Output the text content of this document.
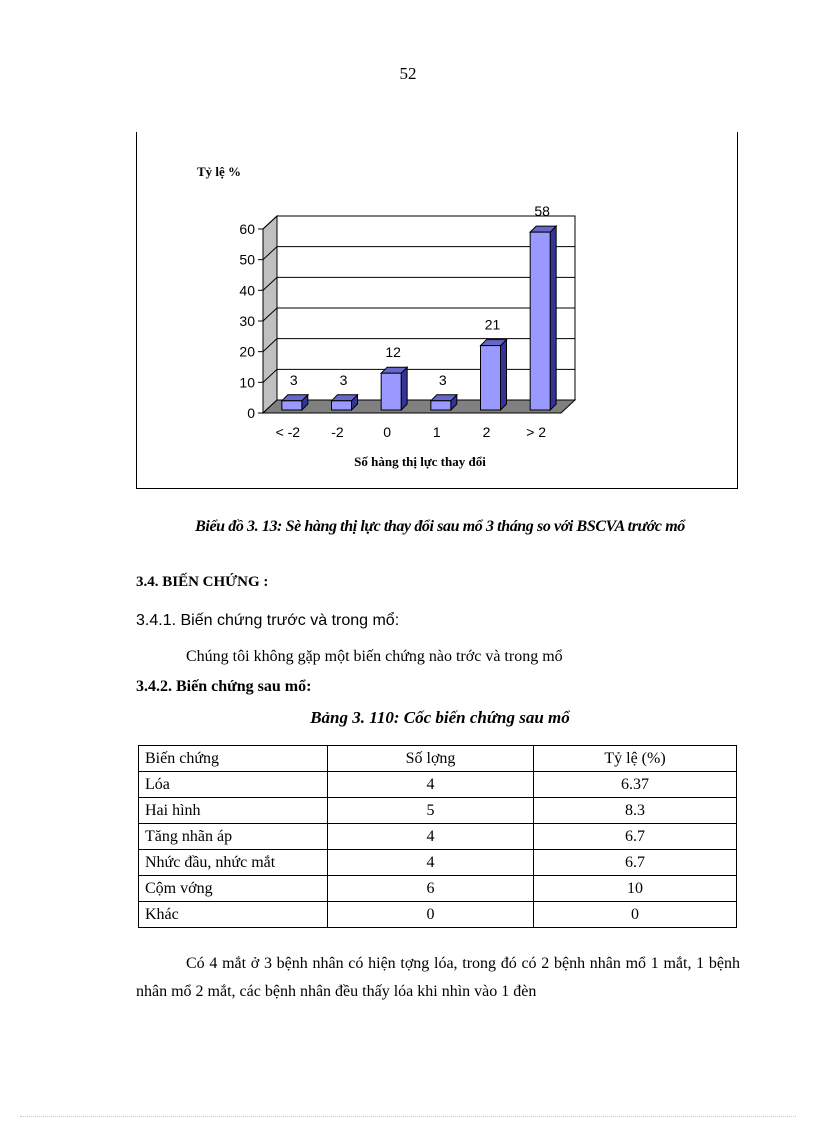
52
0
10
20
30
40
50
60
3
< -2
3
-2
12
0
3
1
21
2
58
> 2
Tỷ lệ %
Số hàng thị lực thay đổi
Biểu đồ 3. 13: Sè hàng thị lực thay đổi sau mổ 3 tháng so với BSCVA trước mổ
3.4. BIẾN CHỨNG :
3.4.1. Biến chứng trước và trong mổ:
Chúng tôi không gặp một biến chứng nào trớc và trong mổ
3.4.2. Biến chứng sau mổ:
Bảng 3. 110: Cốc biến chứng sau mổ
Biến chứng	Số lợng	Tỷ lệ (%)
Lóa	4	6.37
Hai hình	5	8.3
Tăng nhãn áp	4	6.7
Nhức đầu, nhức mắt	4	6.7
Cộm vớng	6	10
Khác	0	0
Có 4 mắt ở 3 bệnh nhân có hiện tợng lóa, trong đó có 2 bệnh nhân mổ 1 mắt, 1 bệnh nhân mổ 2 mắt, các bệnh nhân đều thấy lóa khi nhìn vào 1 đèn
